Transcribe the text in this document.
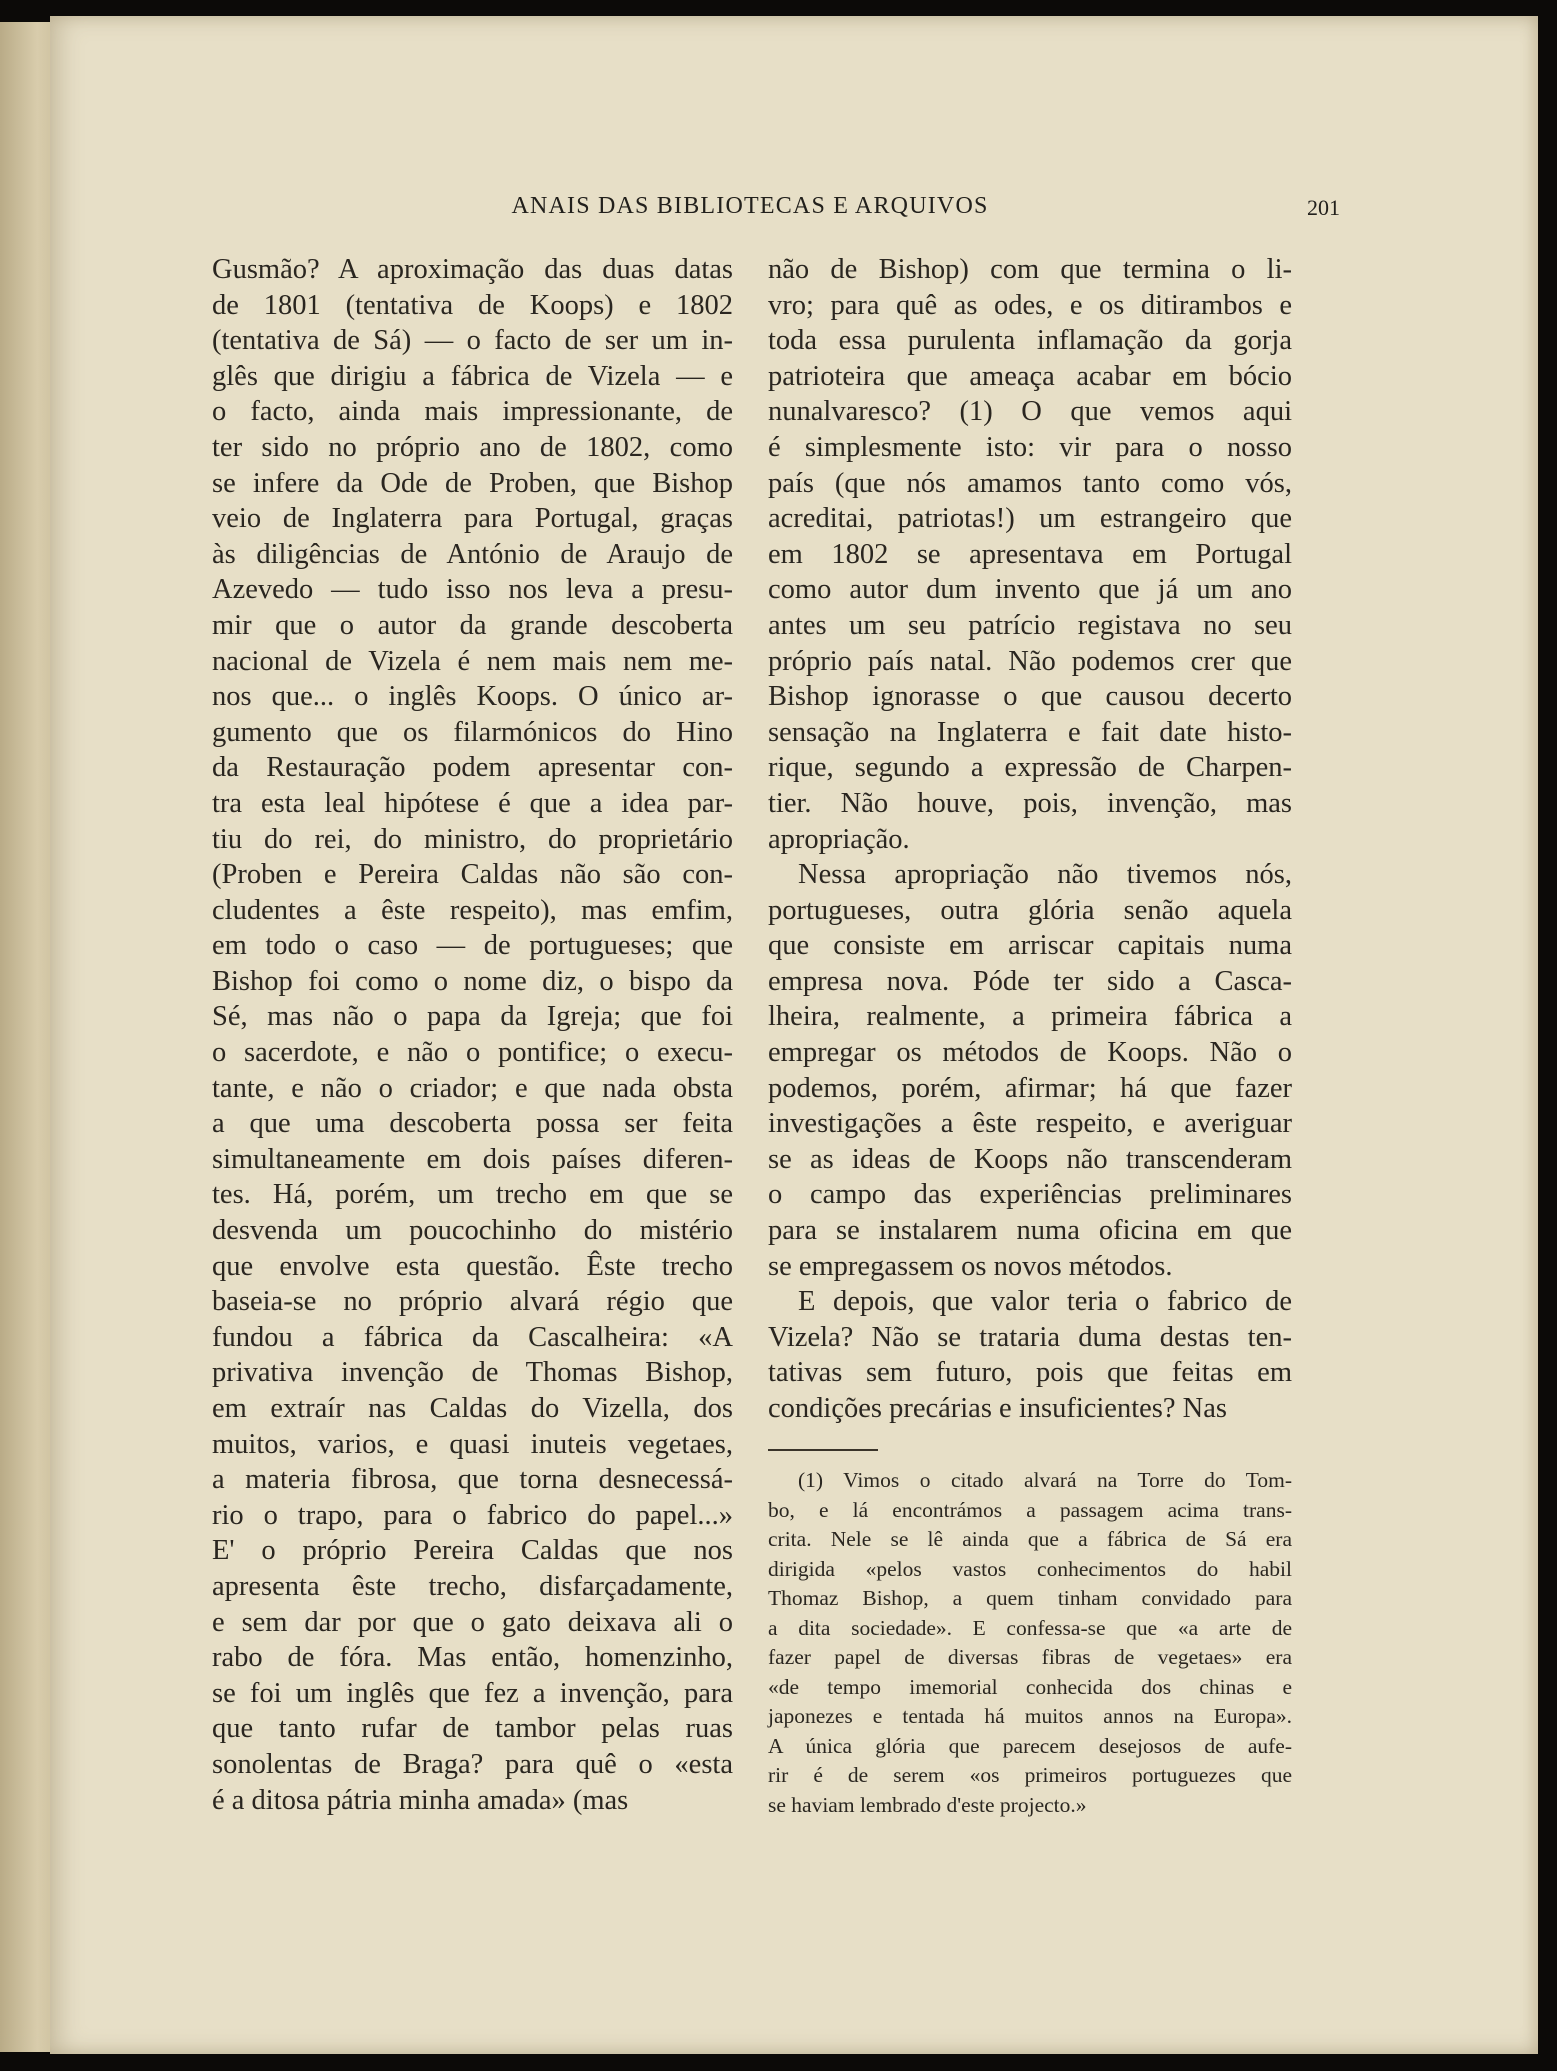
ANAIS DAS BIBLIOTECAS E ARQUIVOS	201
Gusmão? A aproximação das duas datas
de 1801 (tentativa de Koops) e 1802
(tentativa de Sá) — o facto de ser um in-
glês que dirigiu a fábrica de Vizela — e
o facto, ainda mais impressionante, de
ter sido no próprio ano de 1802, como
se infere da Ode de Proben, que Bishop
veio de Inglaterra para Portugal, graças
às diligências de António de Araujo de
Azevedo — tudo isso nos leva a presu-
mir que o autor da grande descoberta
nacional de Vizela é nem mais nem me-
nos que... o inglês Koops. O único ar-
gumento que os filarmónicos do Hino
da Restauração podem apresentar con-
tra esta leal hipótese é que a idea par-
tiu do rei, do ministro, do proprietário
(Proben e Pereira Caldas não são con-
cludentes a êste respeito), mas emfim,
em todo o caso — de portugueses; que
Bishop foi como o nome diz, o bispo da
Sé, mas não o papa da Igreja; que foi
o sacerdote, e não o pontifice; o execu-
tante, e não o criador; e que nada obsta
a que uma descoberta possa ser feita
simultaneamente em dois países diferen-
tes. Há, porém, um trecho em que se
desvenda um poucochinho do mistério
que envolve esta questão. Êste trecho
baseia-se no próprio alvará régio que
fundou a fábrica da Cascalheira: «A
privativa invenção de Thomas Bishop,
em extraír nas Caldas do Vizella, dos
muitos, varios, e quasi inuteis vegetaes,
a materia fibrosa, que torna desnecessá-
rio o trapo, para o fabrico do papel...»
E' o próprio Pereira Caldas que nos
apresenta êste trecho, disfarçadamente,
e sem dar por que o gato deixava ali o
rabo de fóra. Mas então, homenzinho,
se foi um inglês que fez a invenção, para
que tanto rufar de tambor pelas ruas
sonolentas de Braga? para quê o «esta
é a ditosa pátria minha amada» (mas
não de Bishop) com que termina o li-
vro; para quê as odes, e os ditirambos e
toda essa purulenta inflamação da gorja
patrioteira que ameaça acabar em bócio
nunalvaresco? (1) O que vemos aqui
é simplesmente isto: vir para o nosso
país (que nós amamos tanto como vós,
acreditai, patriotas!) um estrangeiro que
em 1802 se apresentava em Portugal
como autor dum invento que já um ano
antes um seu patrício registava no seu
próprio país natal. Não podemos crer que
Bishop ignorasse o que causou decerto
sensação na Inglaterra e fait date histo-
rique, segundo a expressão de Charpen-
tier. Não houve, pois, invenção, mas
apropriação.
Nessa apropriação não tivemos nós,
portugueses, outra glória senão aquela
que consiste em arriscar capitais numa
empresa nova. Póde ter sido a Casca-
lheira, realmente, a primeira fábrica a
empregar os métodos de Koops. Não o
podemos, porém, afirmar; há que fazer
investigações a êste respeito, e averiguar
se as ideas de Koops não transcenderam
o campo das experiências preliminares
para se instalarem numa oficina em que
se empregassem os novos métodos.
E depois, que valor teria o fabrico de
Vizela? Não se trataria duma destas ten-
tativas sem futuro, pois que feitas em
condições precárias e insuficientes? Nas
(1) Vimos o citado alvará na Torre do Tom-
bo, e lá encontrámos a passagem acima trans-
crita. Nele se lê ainda que a fábrica de Sá era
dirigida «pelos vastos conhecimentos do habil
Thomaz Bishop, a quem tinham convidado para
a dita sociedade». E confessa-se que «a arte de
fazer papel de diversas fibras de vegetaes» era
«de tempo imemorial conhecida dos chinas e
japonezes e tentada há muitos annos na Europa».
A única glória que parecem desejosos de aufe-
rir é de serem «os primeiros portuguezes que
se haviam lembrado d'este projecto.»
